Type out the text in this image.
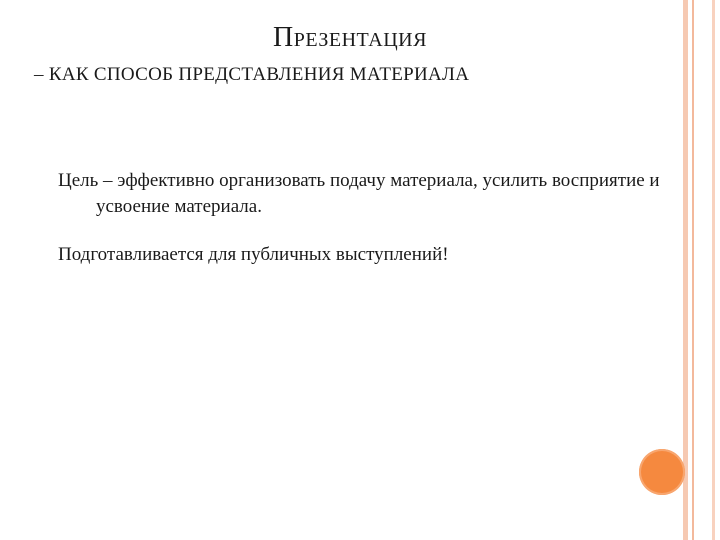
ПРЕЗЕНТАЦИЯ
– КАК СПОСОБ ПРЕДСТАВЛЕНИЯ МАТЕРИАЛА

Цель – эффективно организовать подачу материала, усилить восприятие и усвоение материала.

Подготавливается для публичных выступлений!
